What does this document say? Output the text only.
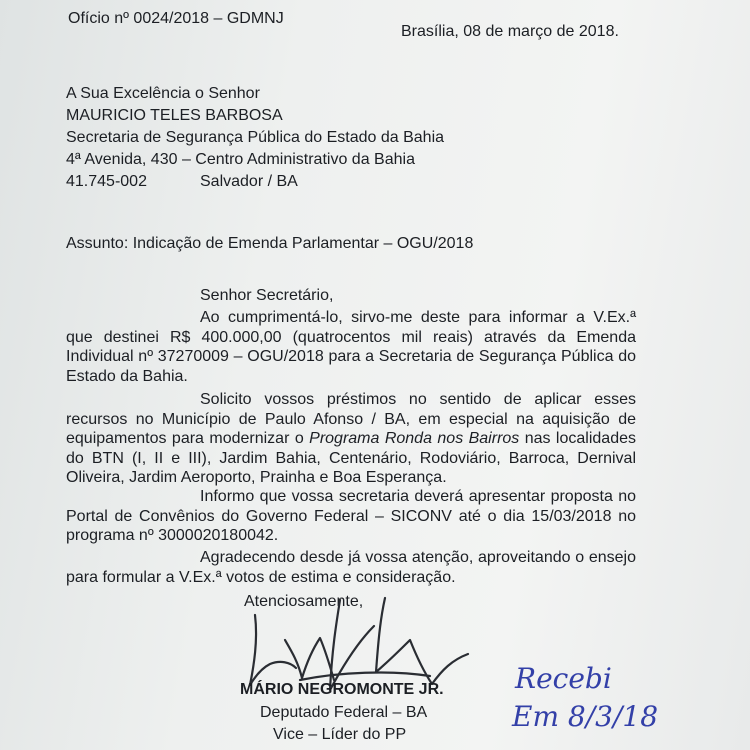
Ofício nº 0024/2018 – GDMNJ
Brasília, 08 de março de 2018.
A Sua Excelência o Senhor
MAURICIO TELES BARBOSA
Secretaria de Segurança Pública do Estado da Bahia
4ª Avenida, 430 – Centro Administrativo da Bahia
41.745-002	Salvador / BA
Assunto: Indicação de Emenda Parlamentar – OGU/2018
Senhor Secretário,
Ao cumprimentá-lo, sirvo-me deste para informar a V.Ex.ª que destinei R$ 400.000,00 (quatrocentos mil reais) através da Emenda Individual nº 37270009 – OGU/2018 para a Secretaria de Segurança Pública do Estado da Bahia.
Solicito vossos préstimos no sentido de aplicar esses recursos no Município de Paulo Afonso / BA, em especial na aquisição de equipamentos para modernizar o Programa Ronda nos Bairros nas localidades do BTN (I, II e III), Jardim Bahia, Centenário, Rodoviário, Barroca, Dernival Oliveira, Jardim Aeroporto, Prainha e Boa Esperança.
Informo que vossa secretaria deverá apresentar proposta no Portal de Convênios do Governo Federal – SICONV até o dia 15/03/2018 no programa nº 3000020180042.
Agradecendo desde já vossa atenção, aproveitando o ensejo para formular a V.Ex.ª votos de estima e consideração.
Atenciosamente,
MÁRIO NEGROMONTE JR.
Deputado Federal – BA
Vice – Líder do PP
Recebi
Em 8/3/18
